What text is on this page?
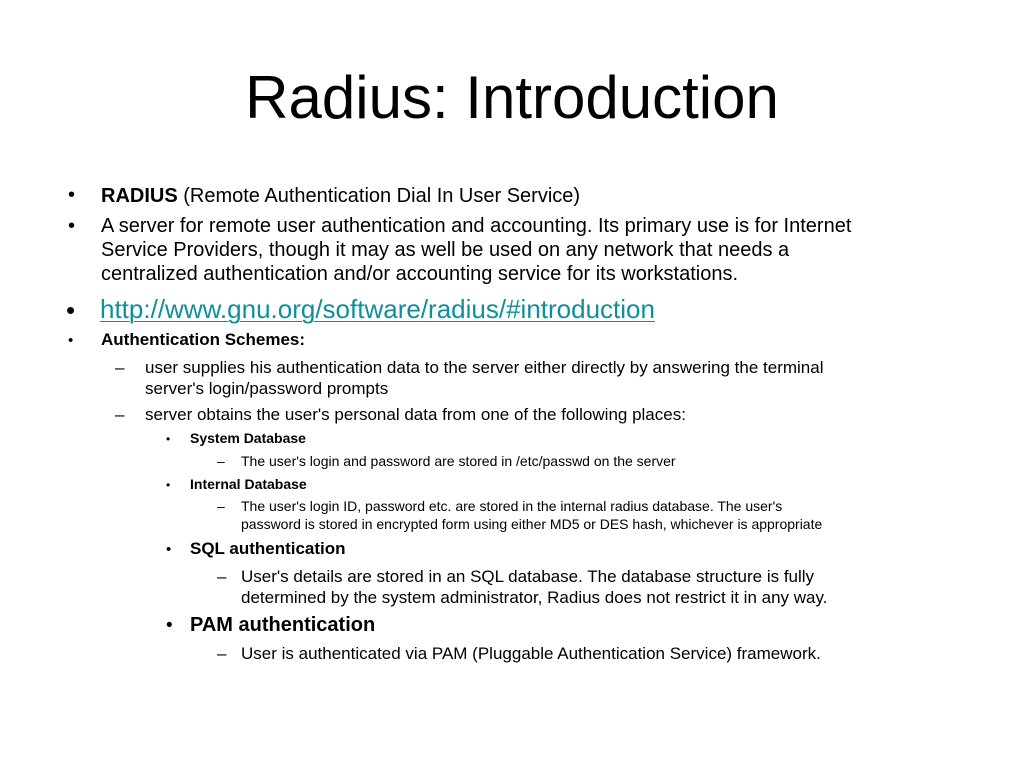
Radius: Introduction
• RADIUS (Remote Authentication Dial In User Service)
• A server for remote user authentication and accounting. Its primary use is for Internet
Service Providers, though it may as well be used on any network that needs a
centralized authentication and/or accounting service for its workstations.
• http://www.gnu.org/software/radius/#introduction
• Authentication Schemes:
– user supplies his authentication data to the server either directly by answering the terminal
server's login/password prompts
– server obtains the user's personal data from one of the following places:
• System Database
– The user's login and password are stored in /etc/passwd on the server
• Internal Database
– The user's login ID, password etc. are stored in the internal radius database. The user's
password is stored in encrypted form using either MD5 or DES hash, whichever is appropriate
• SQL authentication
– User's details are stored in an SQL database. The database structure is fully
determined by the system administrator, Radius does not restrict it in any way.
• PAM authentication
– User is authenticated via PAM (Pluggable Authentication Service) framework.
